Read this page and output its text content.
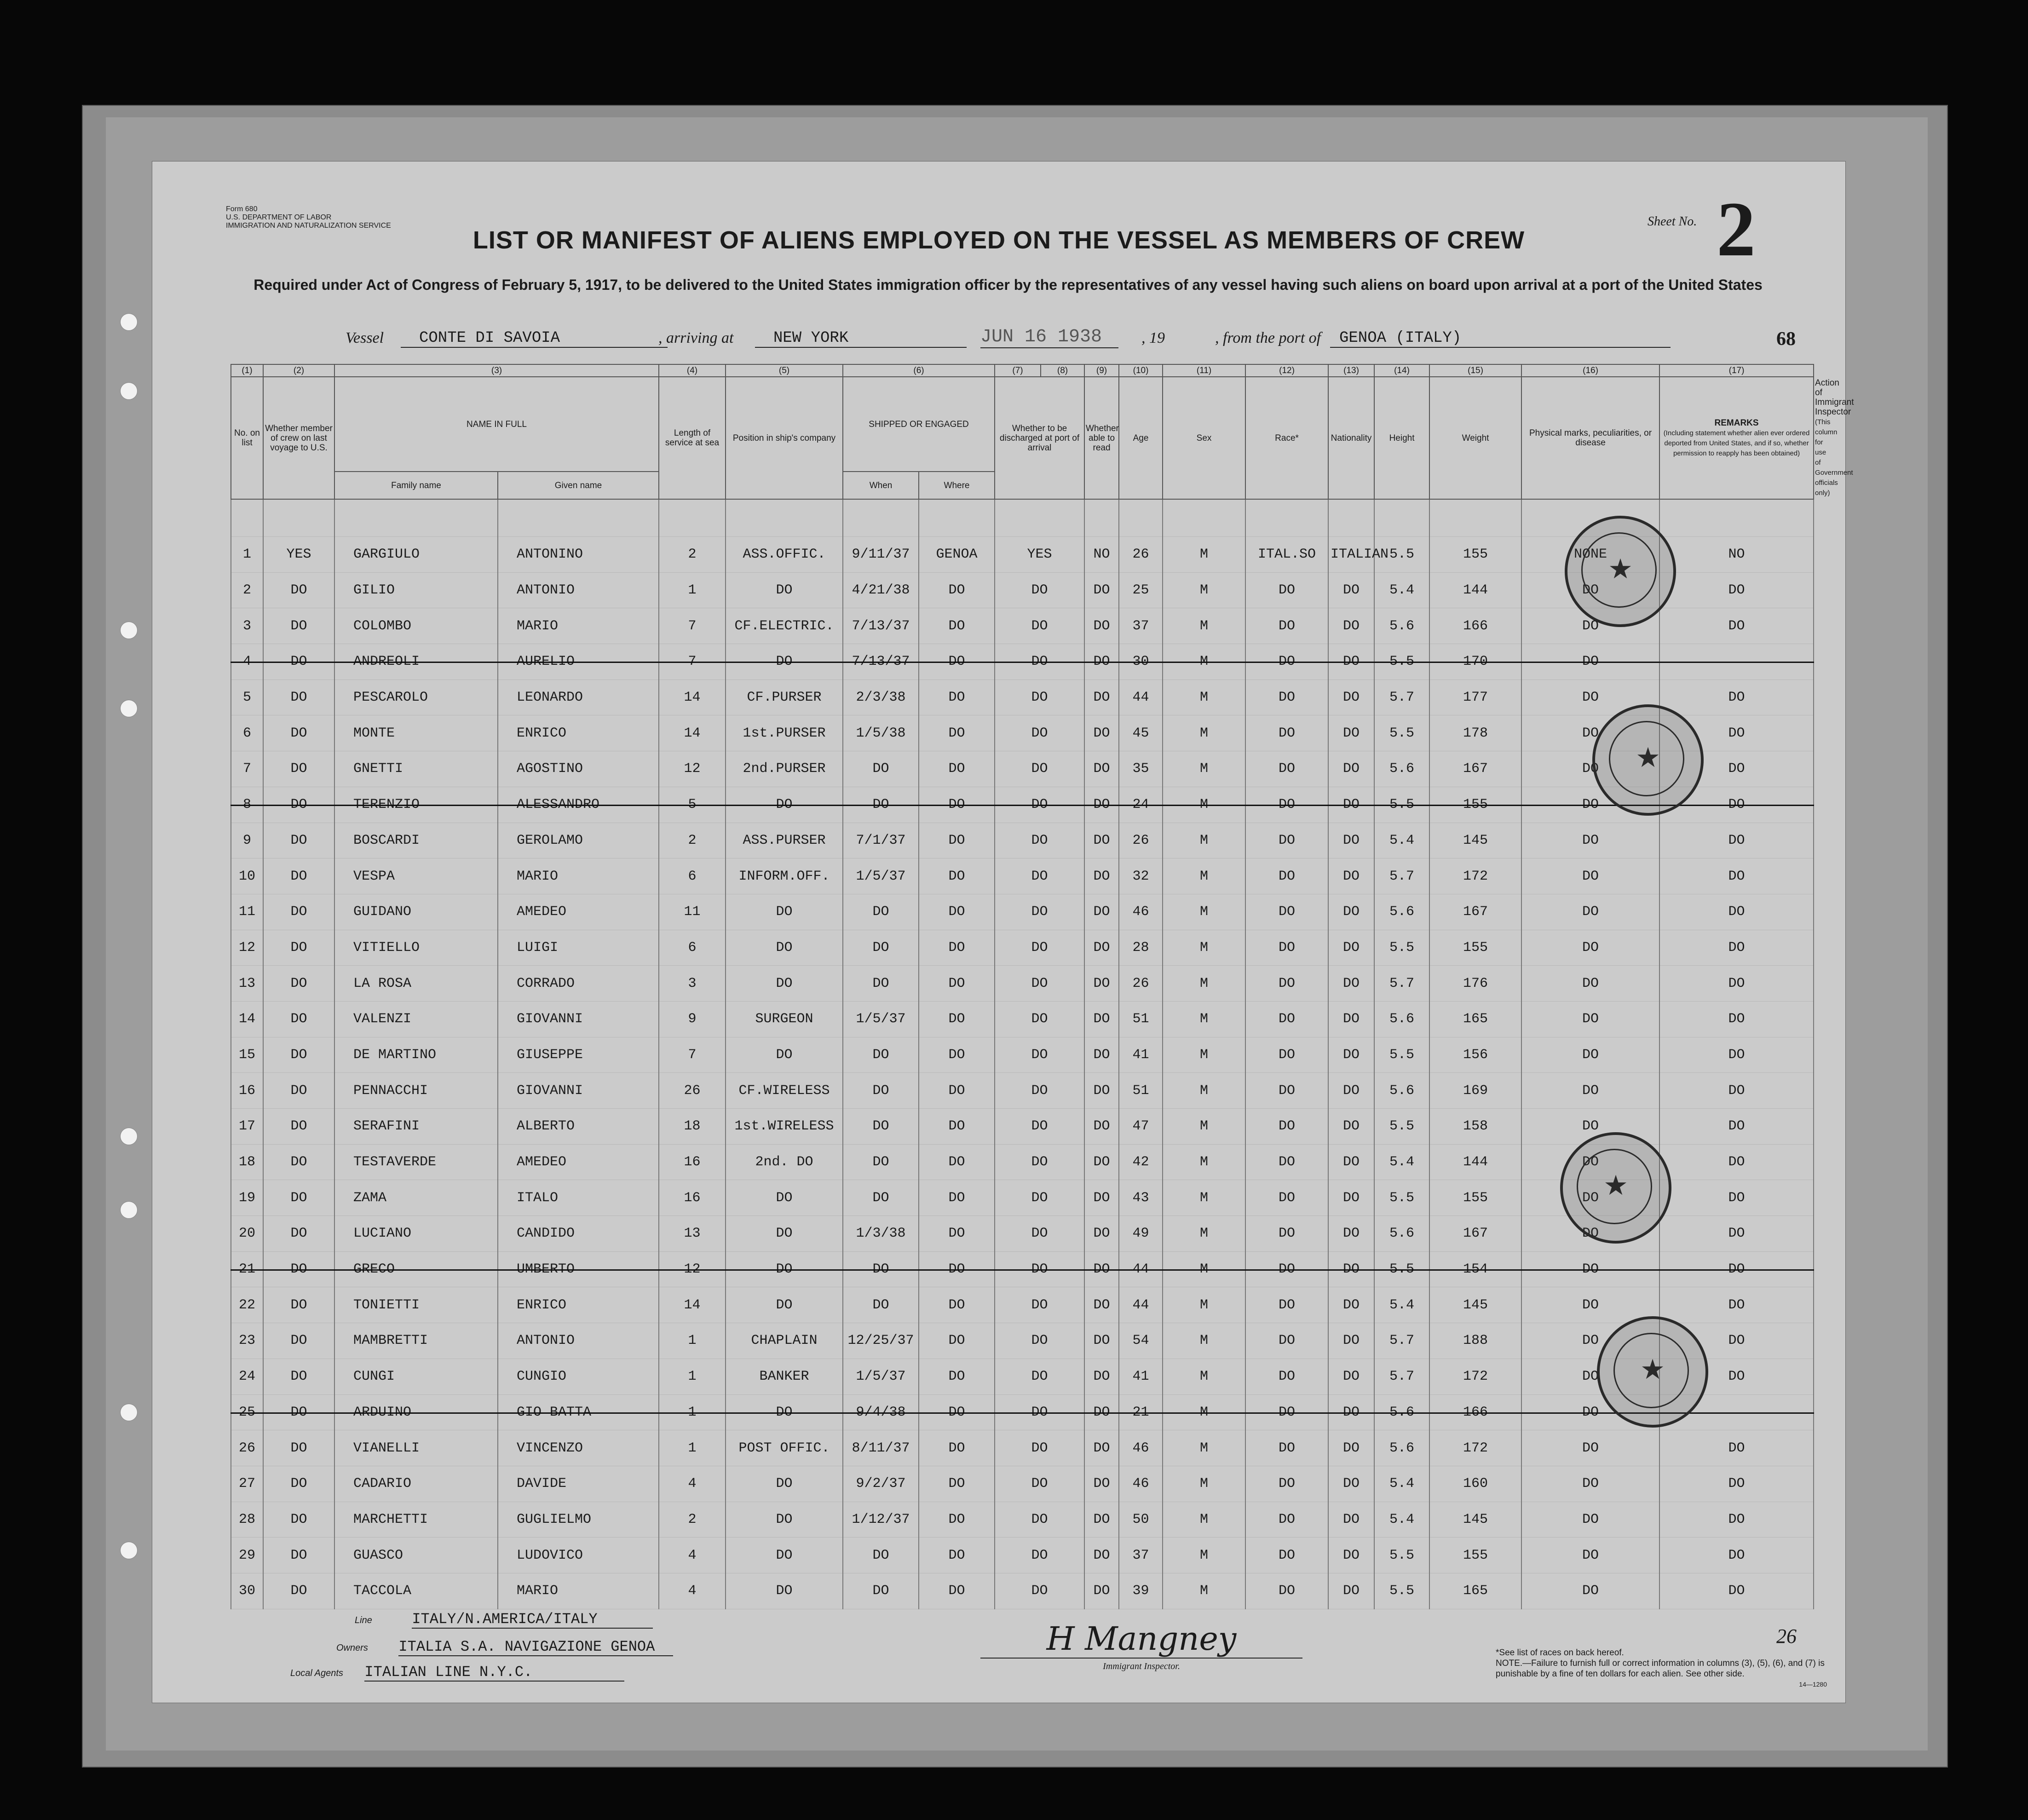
Form 680
U.S. DEPARTMENT OF LABOR
IMMIGRATION AND NATURALIZATION SERVICE	Sheet No. 2
LIST OR MANIFEST OF ALIENS EMPLOYED ON THE VESSEL AS MEMBERS OF CREW
Required under Act of Congress of February 5, 1917, to be delivered to the United States immigration officer by the representatives of any vessel having such aliens on board upon arrival at a port of the United States
Vessel	CONTE DI SAVOIA	, arriving at	NEW YORK	JUN 16 1938	, 19	, from the port of	GENOA (ITALY)	68
(1)	(2)	(3)		(4)	(5)	(6)		(7)	(8)	(9)	(10)	(11)	(12)	(13)	(14)	(15)	(16)	(17)	
No. on list	Whether member of crew on last voyage to U.S.	NAME IN FULL		Length of service at sea	Position in ship's company	SHIPPED OR ENGAGED		Whether to be discharged at port of arrival		Whether able to read	Age	Sex	Race*	Nationality	Height	Weight	Physical marks, peculiarities, or disease	REMARKS
(Including statement whether alien ever ordered deported from United States, and if so, whether permission to reapply has been obtained)	Action of Immigrant Inspector
(This column for use of Government officials only)
		Family name	Given name			When	Where												

1	YES	GARGIULO	ANTONINO	2	ASS.OFFIC.	9/11/37	GENOA	YES		NO	26	M	ITAL.SO	ITALIAN	5.5	155	NONE	NO	
2	DO	GILIO	ANTONIO	1	DO	4/21/38	DO	DO		DO	25	M	DO	DO	5.4	144	DO	DO	
3	DO	COLOMBO	MARIO	7	CF.ELECTRIC.	7/13/37	DO	DO		DO	37	M	DO	DO	5.6	166	DO	DO	
4	DO	ANDREOLI	AURELIO	7	DO	7/13/37	DO	DO		DO	30	M	DO	DO	5.5	170	DO		
5	DO	PESCAROLO	LEONARDO	14	CF.PURSER	2/3/38	DO	DO		DO	44	M	DO	DO	5.7	177	DO	DO	
6	DO	MONTE	ENRICO	14	1st.PURSER	1/5/38	DO	DO		DO	45	M	DO	DO	5.5	178	DO	DO	
7	DO	GNETTI	AGOSTINO	12	2nd.PURSER	DO	DO	DO		DO	35	M	DO	DO	5.6	167	DO	DO	
8	DO	TERENZIO	ALESSANDRO	5	DO	DO	DO	DO		DO	24	M	DO	DO	5.5	155	DO	DO	
9	DO	BOSCARDI	GEROLAMO	2	ASS.PURSER	7/1/37	DO	DO		DO	26	M	DO	DO	5.4	145	DO	DO	
10	DO	VESPA	MARIO	6	INFORM.OFF.	1/5/37	DO	DO		DO	32	M	DO	DO	5.7	172	DO	DO	
11	DO	GUIDANO	AMEDEO	11	DO	DO	DO	DO		DO	46	M	DO	DO	5.6	167	DO	DO	
12	DO	VITIELLO	LUIGI	6	DO	DO	DO	DO		DO	28	M	DO	DO	5.5	155	DO	DO	
13	DO	LA ROSA	CORRADO	3	DO	DO	DO	DO		DO	26	M	DO	DO	5.7	176	DO	DO	
14	DO	VALENZI	GIOVANNI	9	SURGEON	1/5/37	DO	DO		DO	51	M	DO	DO	5.6	165	DO	DO	
15	DO	DE MARTINO	GIUSEPPE	7	DO	DO	DO	DO		DO	41	M	DO	DO	5.5	156	DO	DO	
16	DO	PENNACCHI	GIOVANNI	26	CF.WIRELESS	DO	DO	DO		DO	51	M	DO	DO	5.6	169	DO	DO	
17	DO	SERAFINI	ALBERTO	18	1st.WIRELESS	DO	DO	DO		DO	47	M	DO	DO	5.5	158	DO	DO	
18	DO	TESTAVERDE	AMEDEO	16	2nd. DO	DO	DO	DO		DO	42	M	DO	DO	5.4	144	DO	DO	
19	DO	ZAMA	ITALO	16	DO	DO	DO	DO		DO	43	M	DO	DO	5.5	155	DO	DO	
20	DO	LUCIANO	CANDIDO	13	DO	1/3/38	DO	DO		DO	49	M	DO	DO	5.6	167	DO	DO	
21	DO	GRECO	UMBERTO	12	DO	DO	DO	DO		DO	44	M	DO	DO	5.5	154	DO	DO	
22	DO	TONIETTI	ENRICO	14	DO	DO	DO	DO		DO	44	M	DO	DO	5.4	145	DO	DO	
23	DO	MAMBRETTI	ANTONIO	1	CHAPLAIN	12/25/37	DO	DO		DO	54	M	DO	DO	5.7	188	DO	DO	
24	DO	CUNGI	CUNGIO	1	BANKER	1/5/37	DO	DO		DO	41	M	DO	DO	5.7	172	DO	DO	
25	DO	ARDUINO	GIO BATTA	1	DO	9/4/38	DO	DO		DO	21	M	DO	DO	5.6	166	DO		
26	DO	VIANELLI	VINCENZO	1	POST OFFIC.	8/11/37	DO	DO		DO	46	M	DO	DO	5.6	172	DO	DO	
27	DO	CADARIO	DAVIDE	4	DO	9/2/37	DO	DO		DO	46	M	DO	DO	5.4	160	DO	DO	
28	DO	MARCHETTI	GUGLIELMO	2	DO	1/12/37	DO	DO		DO	50	M	DO	DO	5.4	145	DO	DO	
29	DO	GUASCO	LUDOVICO	4	DO	DO	DO	DO		DO	37	M	DO	DO	5.5	155	DO	DO	
30	DO	TACCOLA	MARIO	4	DO	DO	DO	DO		DO	39	M	DO	DO	5.5	165	DO	DO	
★
★
★
★
Line	ITALY/N.AMERICA/ITALY
Owners ITALIA S.A. NAVIGAZIONE GENOA
Local Agents ITALIAN LINE N.Y.C.
H Mangney
Immigrant Inspector.
*See list of races on back hereof.
NOTE.—Failure to furnish full or correct information in columns (3), (5), (6), and (7) is punishable by a fine of ten dollars for each alien. See other side.
14—1280
26
